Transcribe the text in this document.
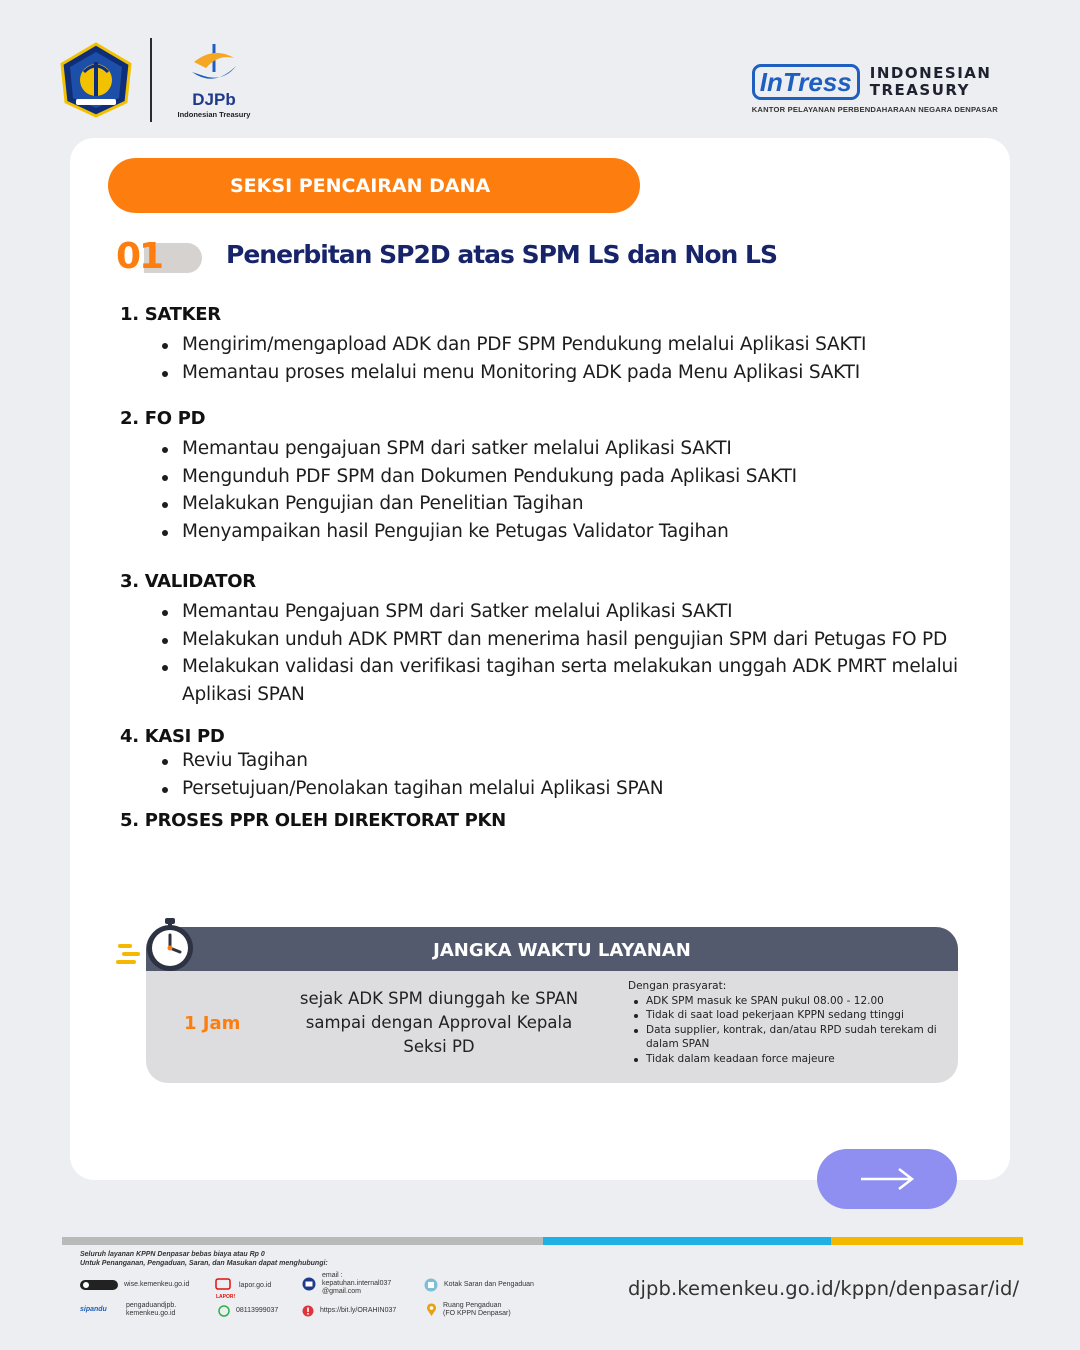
DJPb
Indonesian Treasury
InTress	INDONESIAN
TREASURY
KANTOR PELAYANAN PERBENDAHARAAN NEGARA DENPASAR
SEKSI PENCAIRAN DANA
01	Penerbitan SP2D atas SPM LS dan Non LS
1. SATKER
Mengirim/mengapload ADK dan PDF SPM Pendukung melalui Aplikasi SAKTI
Memantau proses melalui menu Monitoring ADK pada Menu Aplikasi SAKTI
2. FO PD
Memantau pengajuan SPM dari satker melalui Aplikasi SAKTI
Mengunduh PDF SPM dan Dokumen Pendukung pada Aplikasi SAKTI
Melakukan Pengujian dan Penelitian Tagihan
Menyampaikan hasil Pengujian ke Petugas Validator Tagihan
3. VALIDATOR
Memantau Pengajuan SPM dari Satker melalui Aplikasi SAKTI
Melakukan unduh ADK PMRT dan menerima hasil pengujian SPM dari Petugas FO PD
Melakukan validasi dan verifikasi tagihan serta melakukan unggah ADK PMRT melalui Aplikasi SPAN
4. KASI PD
Reviu Tagihan
Persetujuan/Penolakan tagihan melalui Aplikasi SPAN
5. PROSES PPR OLEH DIREKTORAT PKN
JANGKA WAKTU LAYANAN
1 Jam
sejak ADK SPM diunggah ke SPAN sampai dengan Approval Kepala Seksi PD
Dengan prasyarat:
ADK SPM masuk ke SPAN pukul 08.00 - 12.00
Tidak di saat load pekerjaan KPPN sedang ttinggi
Data supplier, kontrak, dan/atau RPD sudah terekam di dalam SPAN
Tidak dalam keadaan force majeure
Seluruh layanan KPPN Denpasar bebas biaya atau Rp 0
Untuk Penanganan, Pengaduan, Saran, dan Masukan dapat menghubungi:
wise.kemenkeu.go.id	lapor.go.id
LAPOR!
email :
kepatuhan.internal037 @gmail.com
Kotak Saran dan Pengaduan
sipandu
pengaduandjpb. kemenkeu.go.id	08113999037	https://bit.ly/ORAHIN037
Ruang Pengaduan
(FO KPPN Denpasar)
djpb.kemenkeu.go.id/kppn/denpasar/id/
